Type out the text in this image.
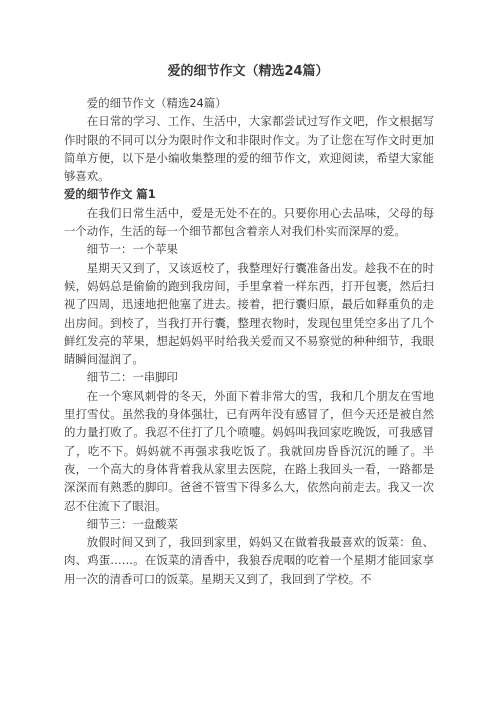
爱的细节作文（精选24篇）

爱的细节作文（精选24篇）

在日常的学习、工作、生活中，大家都尝试过写作文吧，作文根据写作时限的不同可以分为限时作文和非限时作文。为了让您在写作文时更加简单方便，以下是小编收集整理的爱的细节作文，欢迎阅读，希望大家能够喜欢。

爱的细节作文 篇1

在我们日常生活中，爱是无处不在的。只要你用心去品味，父母的每一个动作，生活的每一个细节都包含着亲人对我们朴实而深厚的爱。

细节一：一个苹果

星期天又到了，又该返校了，我整理好行囊准备出发。趁我不在的时候，妈妈总是偷偷的跑到我房间，手里拿着一样东西，打开包裹，然后扫视了四周，迅速地把他塞了进去。接着，把行囊归原，最后如释重负的走出房间。到校了，当我打开行囊，整理衣物时，发现包里凭空多出了几个鲜红发亮的苹果，想起妈妈平时给我关爱而又不易察觉的种种细节，我眼睛瞬间湿润了。

细节二：一串脚印

在一个寒风刺骨的冬天，外面下着非常大的雪，我和几个朋友在雪地里打雪仗。虽然我的身体强壮，已有两年没有感冒了，但今天还是被自然的力量打败了。我忍不住打了几个喷嚏。妈妈叫我回家吃晚饭，可我感冒了，吃不下。妈妈就不再强求我吃饭了。我就回房昏昏沉沉的睡了。半夜，一个高大的身体背着我从家里去医院，在路上我回头一看，一路都是深深而有熟悉的脚印。爸爸不管雪下得多么大，依然向前走去。我又一次忍不住流下了眼泪。

细节三：一盘酸菜

放假时间又到了，我回到家里，妈妈又在做着我最喜欢的饭菜：鱼、肉、鸡蛋……。在饭菜的清香中，我狼吞虎咽的吃着一个星期才能回家享用一次的清香可口的饭菜。星期天又到了，我回到了学校。不
